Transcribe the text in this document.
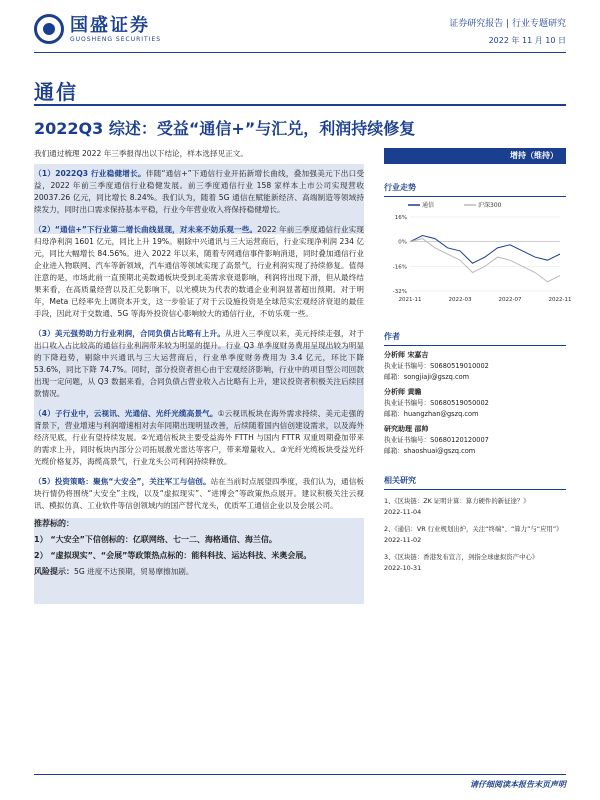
国盛证券
GUOSHENG SECURITIES
证券研究报告 | 行业专题研究
2022 年 11 月 10 日
通信
2022Q3 综述：受益“通信+”与汇兑，利润持续修复

我们通过梳理 2022 年三季报得出以下结论，样本选择见正文。

（1）2022Q3 行业稳健增长。伴随“通信+”下通信行业开拓新增长曲线，叠加强美元下出口受益，2022 年前三季度通信行业稳健发展。前三季度通信行业 158 家样本上市公司实现营收 20037.26 亿元，同比增长 8.24%。我们认为，随着 5G 通信在赋能新经济、高端制造等领域持续发力，同时出口需求保持基本平稳，行业今年营业收入将保持稳健增长。

（2）“通信+”下行业第二增长曲线显现，对未来不妨乐观一些。2022 年前三季度通信行业实现归母净利润 1601 亿元，同比上升 19%。剔除中兴通讯与三大运营商后，行业实现净利润 234 亿元，同比大幅增长 84.56%。进入 2022 年以来，随着专网通信事件影响消退，同时叠加通信行业企业进入物联网、汽车等新领域，汽车通信等领域实现了高景气，行业利润实现了持续修复。值得注意的是，市场此前一直预期北美数通板块受到北美需求衰退影响，利润将出现下滑，但从最终结果来看，在高质量经营以及汇兑影响下，以光模块为代表的数通企业利润显著超出预期。对于明年，Meta 已经率先上调资本开支，这一步验证了对于云设施投资是全球范实宏观经济衰退的最佳手段，因此对于交数通、5G 等海外投资信心影响较大的通信行业，不妨乐观一些。

（3）美元强势助力行业利润，合同负债占比略有上升。从进入三季度以来，美元持续走强，对于出口收入占比较高的通信行业利润带来较为明显的提升。行业 Q3 单季度财务费用呈现出较为明显的下降趋势，剔除中兴通讯与三大运营商后，行业单季度财务费用为 3.4 亿元，环比下降 53.6%，同比下降 74.7%。同时，部分投资者担心由于宏观经济影响，行业中的项目型公司回款出现一定问题，从 Q3 数据来看，合同负债占营业收入占比略有上升，建议投资者积极关注后续回款情况。

（4）子行业中，云视讯、光通信、光纤光缆高景气。①云视讯板块在海外需求持续、美元走强的背景下，营业增速与利润增速相对去年同期出现明显改善，后续随着国内信创建设需求，以及海外经济见底，行业有望持续发展。②光通信板块主要受益海外 FTTH 与国内 FTTR 双重周期叠加带来的需求上升，同时板块内部分公司拓展激光雷达等客户，带来增量收入。③光纤光缆板块受益光纤光缆价格复苏，海缆高景气，行业龙头公司利润持续释放。

（5）投资策略：聚焦“大安全”，关注军工与信创。站在当前时点展望四季度，我们认为，通信板块行情仍将围绕“大安全”主线，以及“虚拟现实”、“进博会”等政策热点展开。建议积极关注云视讯、模拟仿真、工业软件等信创领域内的国产替代龙头，优质军工通信企业以及会展公司。

推荐标的：

1） “大安全”下信创标的：亿联网络、七一二、海格通信、海兰信。

2） “虚拟现实”、“会展”等政策热点标的：能科科技、运达科技、米奥会展。

风险提示：5G 进度不达预期，贸易摩擦加剧。

增持（维持）
行业走势
通信	沪深300
16%
0%
-16%
-32%
2021-11	2022-03	2022-07	2022-11
作者
分析师 宋嘉吉
执业证书编号：S0680519010002
邮箱：songjiaji@gszq.com
分析师 黄瞻
执业证书编号：S0680519050002
邮箱：huangzhan@gszq.com
研究助理 邵帅
执业证书编号：S0680120120007
邮箱：shaoshuai@gszq.com
相关研究
1、《区块链：ZK 证明计算：算力硬件的新征途？》
2022-11-04
2、《通信：VR 行业规划出炉，关注“终端”、“算力”与“应用”》
2022-11-02
3、《区块链：香港发布宣言，剑指全球虚拟资产中心》
2022-10-31
请仔细阅读本报告末页声明
